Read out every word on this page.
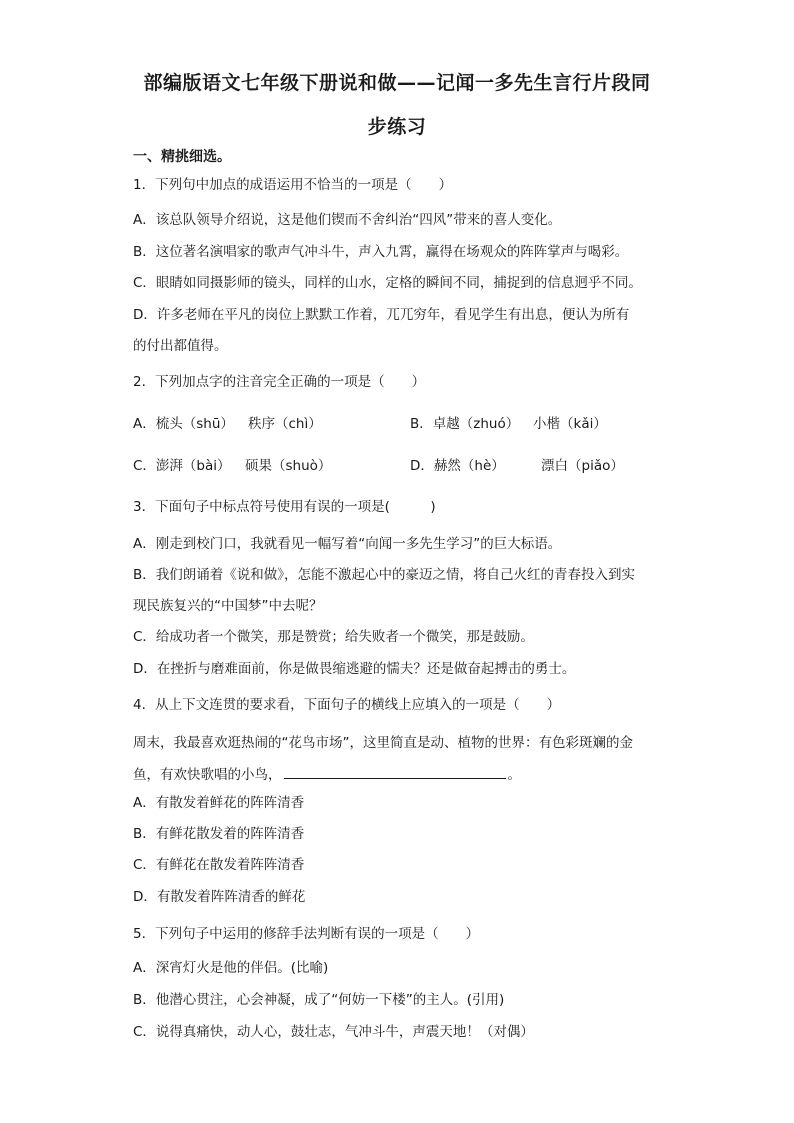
部编版语文七年级下册说和做——记闻一多先生言行片段同
步练习
一、精挑细选。
1．下列句中加点的成语运用不恰当的一项是（　　）
A．该总队领导介绍说，这是他们锲而不舍纠治“四风”带来的喜人变化。
B．这位著名演唱家的歌声气冲斗牛，声入九霄，赢得在场观众的阵阵掌声与喝彩。
C．眼睛如同摄影师的镜头，同样的山水，定格的瞬间不同，捕捉到的信息迥乎不同。
D．许多老师在平凡的岗位上默默工作着，兀兀穷年，看见学生有出息，便认为所有
的付出都值得。
2．下列加点字的注音完全正确的一项是（　　）
A．梳头（shū） 秩序（chì）	B．卓越（zhuó） 小楷（kǎi）
C．澎湃（bài） 硕果（shuò）	D．赫然（hè）	漂白（piǎo）
3．下面句子中标点符号使用有误的一项是(　　　)
A．刚走到校门口，我就看见一幅写着“向闻一多先生学习”的巨大标语。
B．我们朗诵着《说和做》，怎能不激起心中的豪迈之情，将自己火红的青春投入到实
现民族复兴的“中国梦”中去呢？
C．给成功者一个微笑，那是赞赏；给失败者一个微笑，那是鼓励。
D．在挫折与磨难面前，你是做畏缩逃避的懦夫？还是做奋起搏击的勇士。
4．从上下文连贯的要求看，下面句子的横线上应填入的一项是（　　）
周末，我最喜欢逛热闹的“花鸟市场”，这里简直是动、植物的世界：有色彩斑斓的金
鱼，有欢快歌唱的小鸟，	。
A．有散发着鲜花的阵阵清香
B．有鲜花散发着的阵阵清香
C．有鲜花在散发着阵阵清香
D．有散发着阵阵清香的鲜花
5．下列句子中运用的修辞手法判断有误的一项是（　　）
A．深宵灯火是他的伴侣。(比喻)
B．他潜心贯注，心会神凝，成了“何妨一下楼”的主人。(引用)
C．说得真痛快，动人心，鼓壮志，气冲斗牛，声震天地！（对偶）
